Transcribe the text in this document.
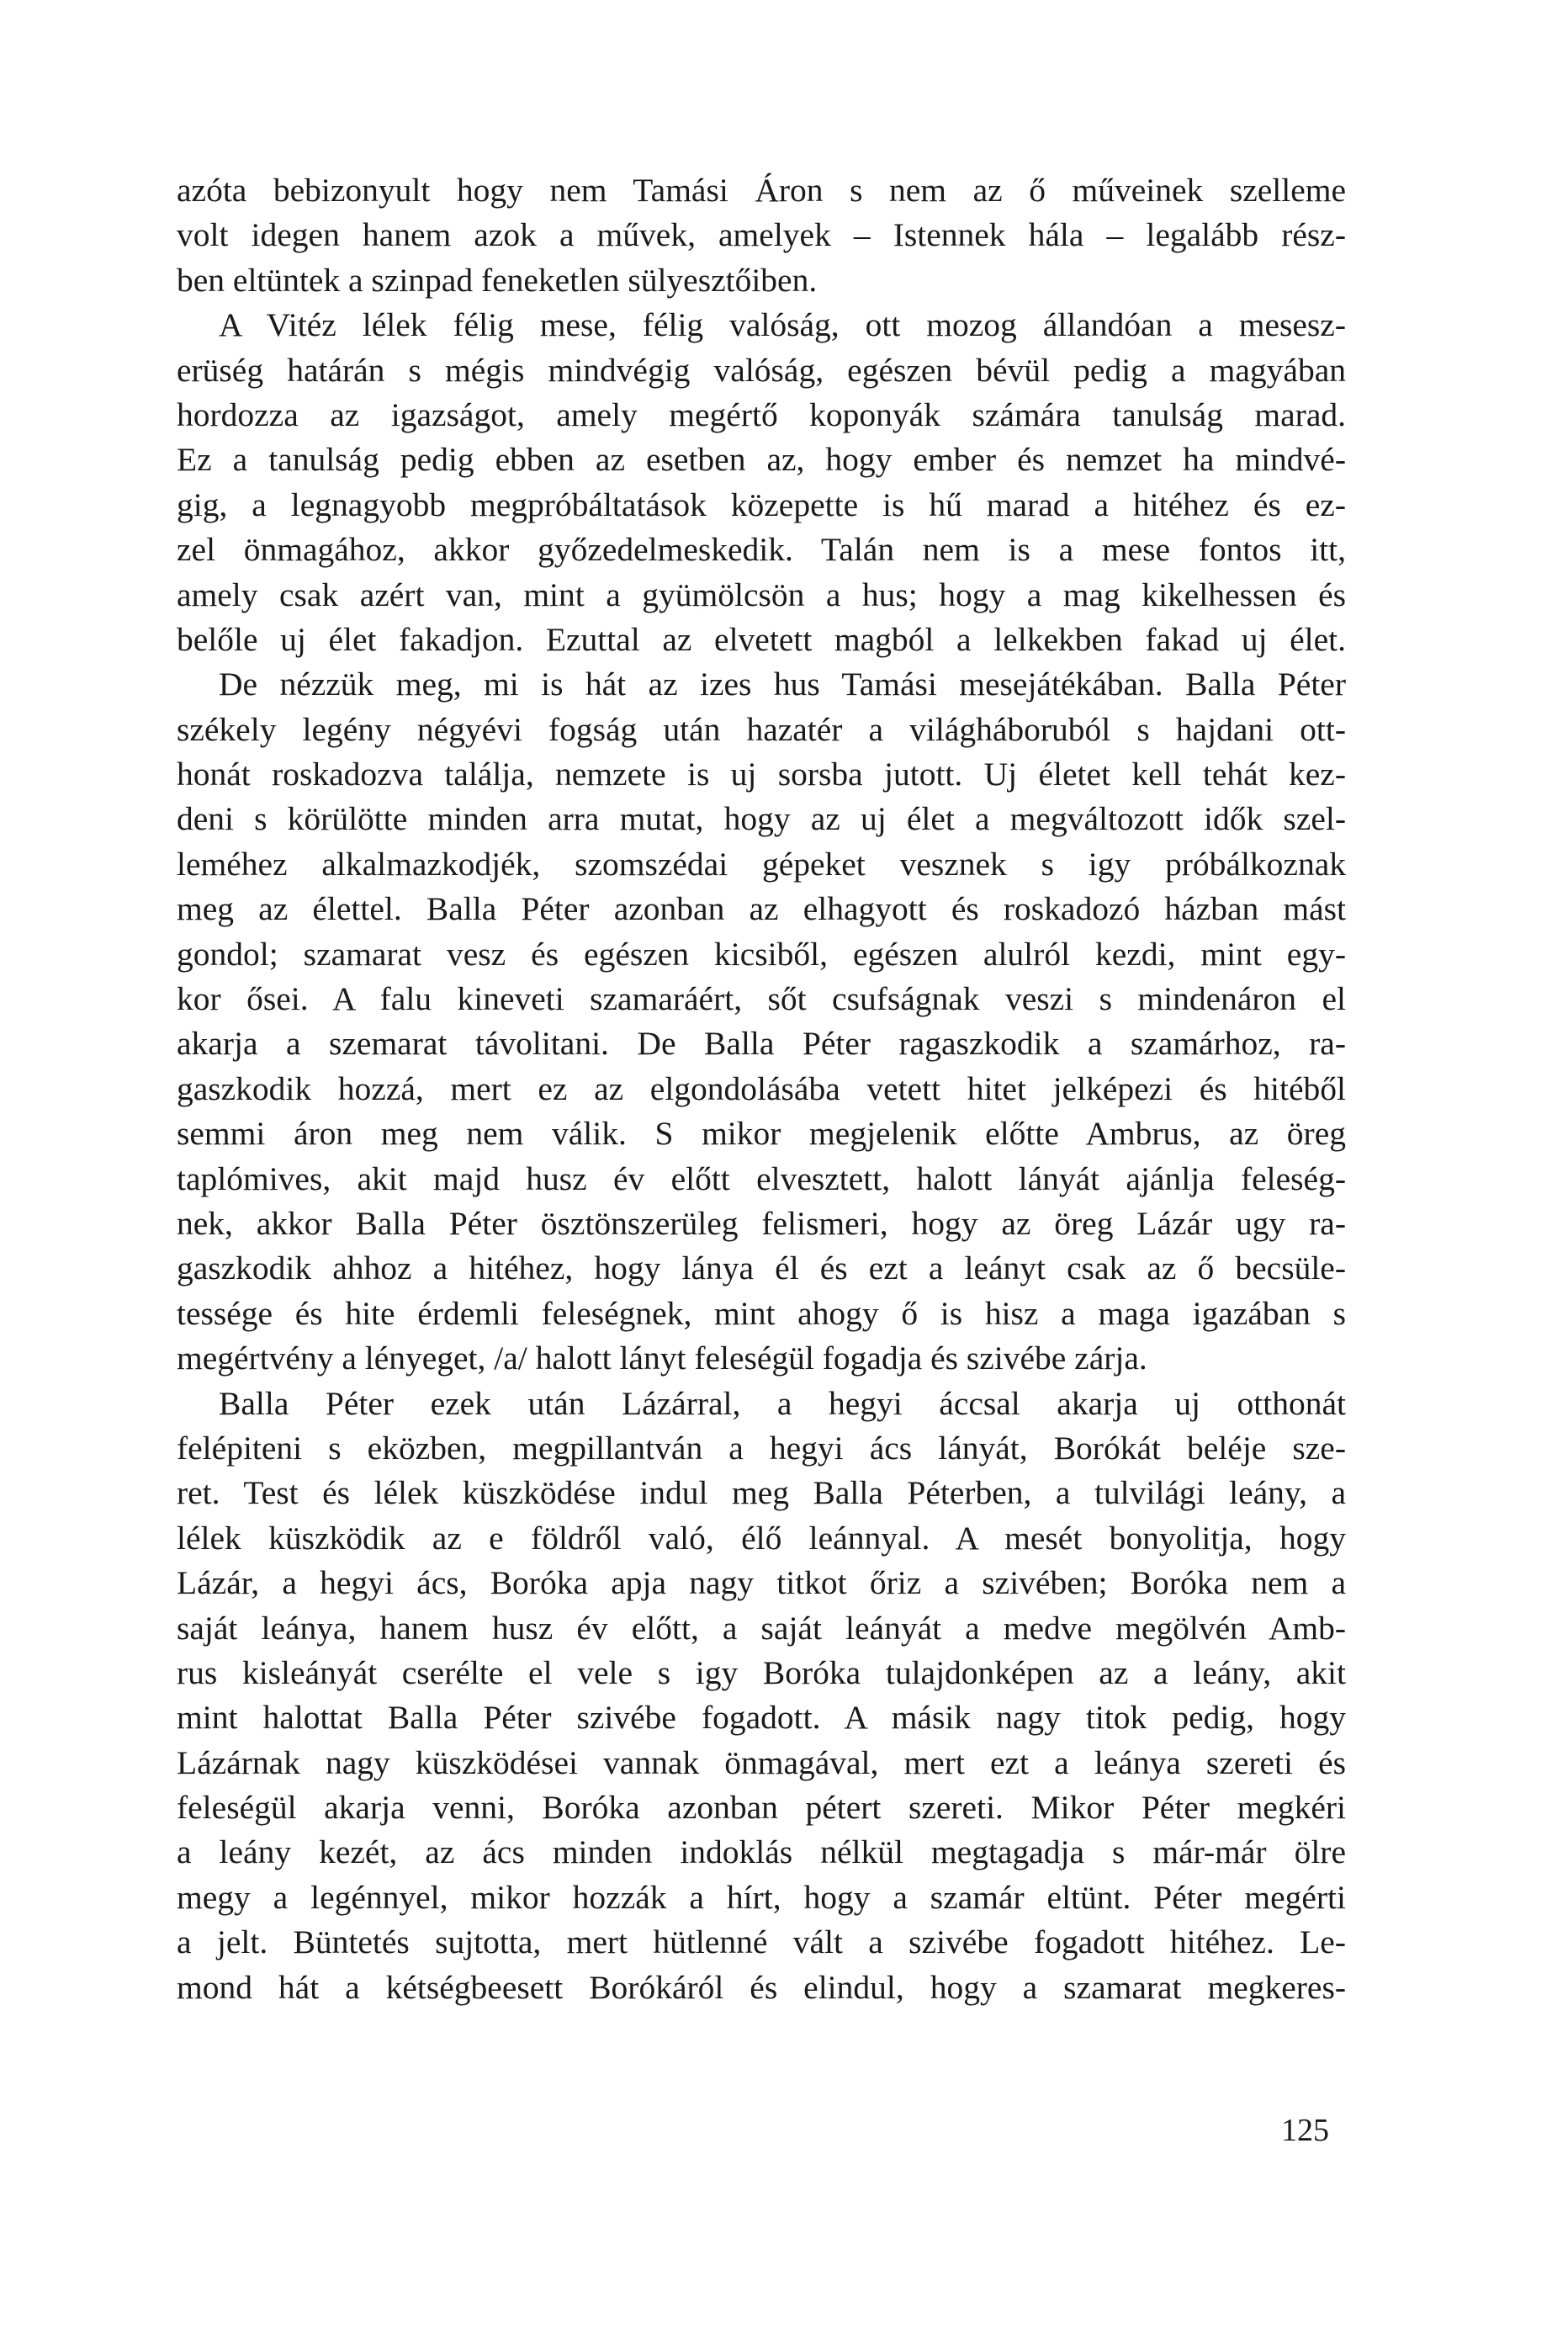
azóta bebizonyult hogy nem Tamási Áron s nem az ő műveinek szelleme
volt idegen hanem azok a művek, amelyek – Istennek hála – legalább rész-
ben eltüntek a szinpad feneketlen sülyesztőiben.
A Vitéz lélek félig mese, félig valóság, ott mozog állandóan a mesesz-
erüség határán s mégis mindvégig valóság, egészen bévül pedig a magyában
hordozza az igazságot, amely megértő koponyák számára tanulság marad.
Ez a tanulság pedig ebben az esetben az, hogy ember és nemzet ha mindvé-
gig, a legnagyobb megpróbáltatások közepette is hű marad a hitéhez és ez-
zel önmagához, akkor győzedelmeskedik. Talán nem is a mese fontos itt,
amely csak azért van, mint a gyümölcsön a hus; hogy a mag kikelhessen és
belőle uj élet fakadjon. Ezuttal az elvetett magból a lelkekben fakad uj élet.
De nézzük meg, mi is hát az izes hus Tamási mesejátékában. Balla Péter
székely legény négyévi fogság után hazatér a világháboruból s hajdani ott-
honát roskadozva találja, nemzete is uj sorsba jutott. Uj életet kell tehát kez-
deni s körülötte minden arra mutat, hogy az uj élet a megváltozott idők szel-
leméhez alkalmazkodjék, szomszédai gépeket vesznek s igy próbálkoznak
meg az élettel. Balla Péter azonban az elhagyott és roskadozó házban mást
gondol; szamarat vesz és egészen kicsiből, egészen alulról kezdi, mint egy-
kor ősei. A falu kineveti szamaráért, sőt csufságnak veszi s mindenáron el
akarja a szemarat távolitani. De Balla Péter ragaszkodik a szamárhoz, ra-
gaszkodik hozzá, mert ez az elgondolásába vetett hitet jelképezi és hitéből
semmi áron meg nem válik. S mikor megjelenik előtte Ambrus, az öreg
taplómives, akit majd husz év előtt elvesztett, halott lányát ajánlja feleség-
nek, akkor Balla Péter ösztönszerüleg felismeri, hogy az öreg Lázár ugy ra-
gaszkodik ahhoz a hitéhez, hogy lánya él és ezt a leányt csak az ő becsüle-
tessége és hite érdemli feleségnek, mint ahogy ő is hisz a maga igazában s
megértvény a lényeget, /a/ halott lányt feleségül fogadja és szivébe zárja.
Balla Péter ezek után Lázárral, a hegyi áccsal akarja uj otthonát
felépiteni s eközben, megpillantván a hegyi ács lányát, Borókát beléje sze-
ret. Test és lélek küszködése indul meg Balla Péterben, a tulvilági leány, a
lélek küszködik az e földről való, élő leánnyal. A mesét bonyolitja, hogy
Lázár, a hegyi ács, Boróka apja nagy titkot őriz a szivében; Boróka nem a
saját leánya, hanem husz év előtt, a saját leányát a medve megölvén Amb-
rus kisleányát cserélte el vele s igy Boróka tulajdonképen az a leány, akit
mint halottat Balla Péter szivébe fogadott. A másik nagy titok pedig, hogy
Lázárnak nagy küszködései vannak önmagával, mert ezt a leánya szereti és
feleségül akarja venni, Boróka azonban pétert szereti. Mikor Péter megkéri
a leány kezét, az ács minden indoklás nélkül megtagadja s már-már ölre
megy a legénnyel, mikor hozzák a hírt, hogy a szamár eltünt. Péter megérti
a jelt. Büntetés sujtotta, mert hütlenné vált a szivébe fogadott hitéhez. Le-
mond hát a kétségbeesett Borókáról és elindul, hogy a szamarat megkeres-
125
